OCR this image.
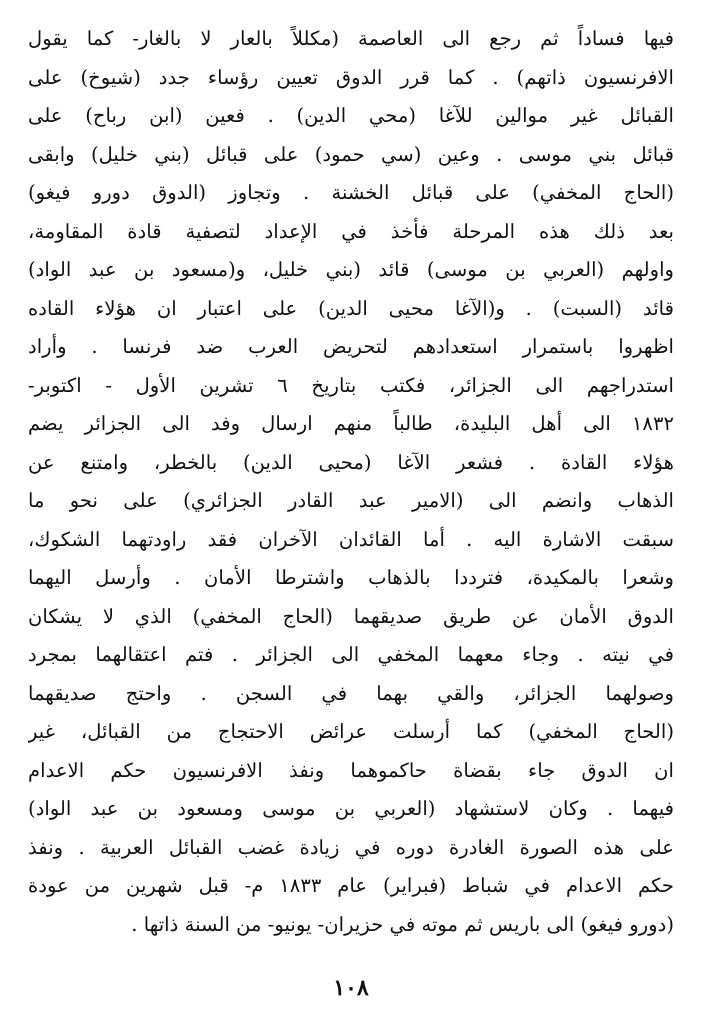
فيها فساداً ثم رجع الى العاصمة (مكللاً بالعار لا بالغار- كما يقول
الافرنسيون ذاتهم) . كما قرر الدوق تعيين رؤساء جدد (شيوخ) على
القبائل غير موالين للآغا (محي الدين) . فعين (ابن رباح) على
قبائل بني موسى . وعين (سي حمود) على قبائل (بني خليل) وابقى
(الحاج المخفي) على قبائل الخشنة . وتجاوز (الدوق دورو فيغو)
بعد ذلك هذه المرحلة فأخذ في الإعداد لتصفية قادة المقاومة،
واولهم (العربي بن موسى) قائد (بني خليل، و(مسعود بن عبد الواد)
قائد (السبت) . و(الآغا محيى الدين) على اعتبار ان هؤلاء القاده
اظهروا باستمرار استعدادهم لتحريض العرب ضد فرنسا . وأراد
استدراجهم الى الجزائر، فكتب بتاريخ ٦ تشرين الأول - اكتوبر-
١٨٣٢ الى أهل البليدة، طالباً منهم ارسال وفد الى الجزائر يضم
هؤلاء القادة . فشعر الآغا (محيى الدين) بالخطر، وامتنع عن
الذهاب وانضم الى (الامير عبد القادر الجزائري) على نحو ما
سبقت الاشارة اليه . أما القائدان الآخران فقد راودتهما الشكوك،
وشعرا بالمكيدة، فترددا بالذهاب واشترطا الأمان . وأرسل اليهما
الدوق الأمان عن طريق صديقهما (الحاج المخفي) الذي لا يشكان
في نيته . وجاء معهما المخفي الى الجزائر . فتم اعتقالهما بمجرد
وصولهما الجزائر، والقي بهما في السجن . واحتج صديقهما
(الحاج المخفي) كما أرسلت عرائض الاحتجاج من القبائل، غير
ان الدوق جاء بقضاة حاكموهما ونفذ الافرنسيون حكم الاعدام
فيهما . وكان لاستشهاد (العربي بن موسى ومسعود بن عبد الواد)
على هذه الصورة الغادرة دوره في زيادة غضب القبائل العربية . ونفذ
حكم الاعدام في شباط (فبراير) عام ١٨٣٣ م- قبل شهرين من عودة
(دورو فيغو) الى باريس ثم موته في حزيران- يونيو- من السنة ذاتها .
١٠٨
